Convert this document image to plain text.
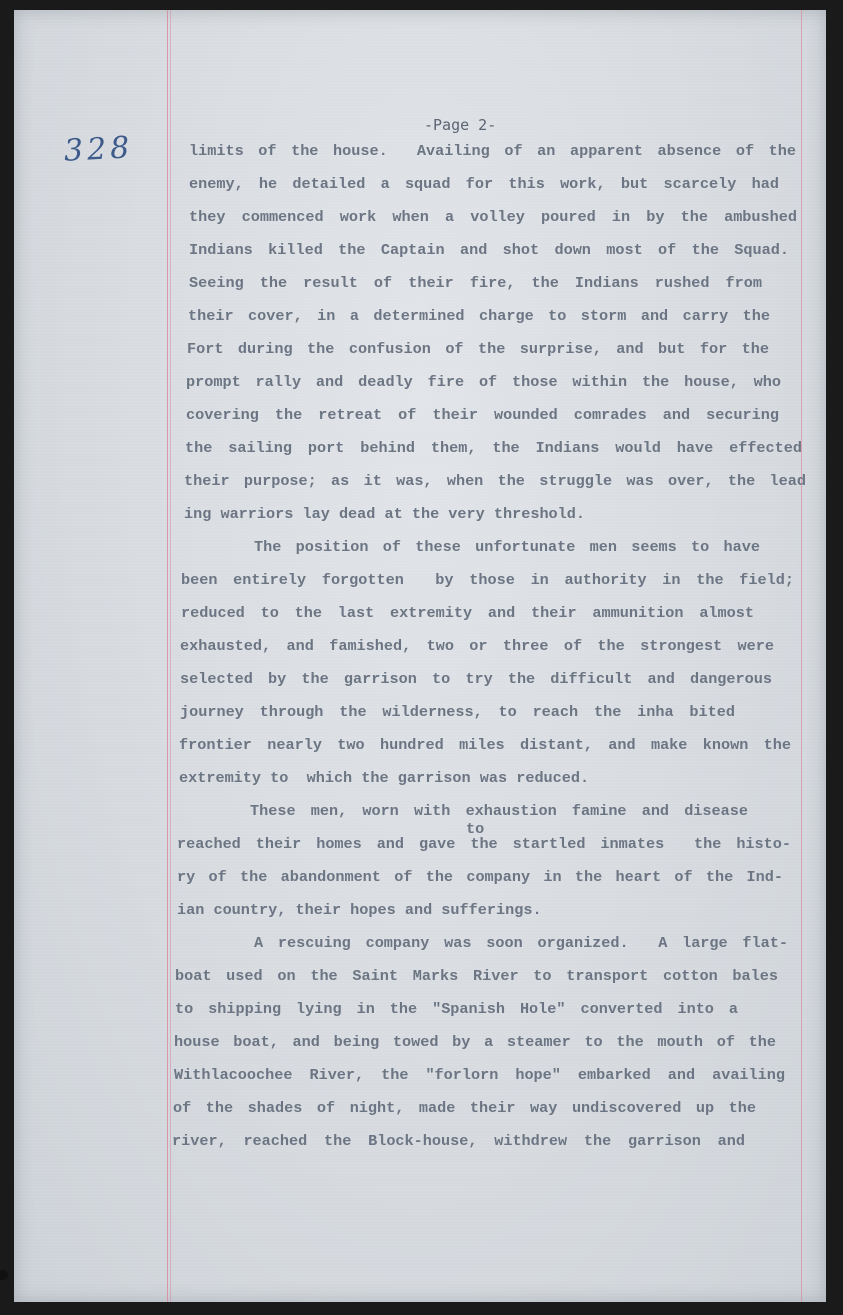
328
-Page 2-
limits of the house.  Availing of an apparent absence of the
enemy, he detailed a squad for this work, but scarcely had
they commenced work when a volley poured in by the ambushed
Indians killed the Captain and shot down most of the Squad.
Seeing the result of their fire, the Indians rushed from
their cover, in a determined charge to storm and carry the
Fort during the confusion of the surprise, and but for the
prompt rally and deadly fire of those within the house, who
covering the retreat of their wounded comrades and securing
the sailing port behind them, the Indians would have effected
their purpose; as it was, when the struggle was over, the lead
ing warriors lay dead at the very threshold.
The position of these unfortunate men seems to have
been entirely forgotten  by those in authority in the field;
reduced to the last extremity and their ammunition almost
exhausted, and famished, two or three of the strongest were
selected by the garrison to try the difficult and dangerous
journey through the wilderness, to reach the inha bited
frontier nearly two hundred miles distant, and make known the
extremity to  which the garrison was reduced.
These men, worn with exhaustion famine and disease
to
reached their homes and gave the startled inmates  the histo-
ry of the abandonment of the company in the heart of the Ind-
ian country, their hopes and sufferings.
A rescuing company was soon organized.  A large flat-
boat used on the Saint Marks River to transport cotton bales
to shipping lying in the "Spanish Hole" converted into a
house boat, and being towed by a steamer to the mouth of the
Withlacoochee River, the "forlorn hope" embarked and availing
of the shades of night, made their way undiscovered up the
river, reached the Block-house, withdrew the garrison and
